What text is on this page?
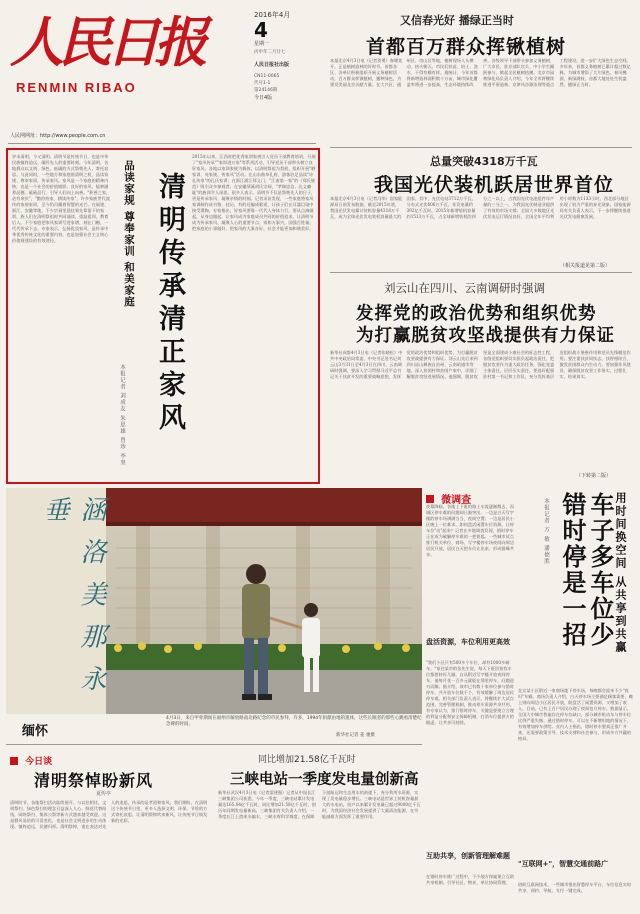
人民日报
RENMIN RIBAO
2016年4月
4
星期一
丙申年二月廿七
人民日报社出版
CN11-0065
代号1-1
第24146期
今日4版
人民网网址：http://www.people.com.cn
又信春光好 播绿正当时
首都百万群众挥锹植树
本报北京4月3日电（记者贺勇）春暖花开，正是植树造林的好时节。首都各区、各单位积极组织开展义务植树活动，百万群众挥锹植树，播种绿色，为建设美丽北京贡献力量。在大兴区、通州区、房山区等地，植树现场人头攒动，热火朝天。市民们扶苗、培土、浇水，干得有模有样。据统计，今年首都将新增造林面积数十万亩，城市绿化覆盖率将进一步提高，生态环境持续改善。各级领导干部带头参加义务植树，广大市民、驻京部队官兵、中小学生踊跃参与，掀起全民植树热潮。北京市园林绿化局负责人介绍，今年全市将继续推进平原造林、京津风沙源治理等重点工程建设，进一步扩大绿色生态空间。多年来，首都义务植树已累计超过数亿株，为城市增添了大片绿色。春风拂面，新绿满枝，首都大地处处生机盎然，播绿正当时。
岁末清明，今又清明。清明节是传统节日，也是中华民族慎终追远、缅怀先人的重要时刻。今年清明，各地群众以文明、绿色、低碳的方式祭奠先人，寄托哀思。与此同时，一些地方和家庭借清明之机，品读家规、尊奉家训，传承家风。家风是一个家庭的精神内核，也是一个社会的价值缩影。良好的家风，能够涵养品德、砥砺品行，引导人们向上向善。"积善之家，必有余庆"，"勤俭持家，耕读传家"，许多家族世代流传的家规家训，至今仍闪耀着智慧的光芒。在福建、浙江、安徽等地，不少宗祠里悬挂着先辈留下的家训，族人们在清明祭祖时共同诵读，重温祖训，教育后人。不少家庭把家风家训写进家谱、刻在门楣，一代代传承下去。专家表示，弘扬优良家风，是传承中华优秀传统文化的重要内容，也是加强社会主义核心价值观建设的有效途径。	清明传承清正家风
品读家规 尊奉家训 和美家庭
本报记者 刘成友 朱思雄 曾珍 李坚
2015年以来，江西省把优秀家训家规引入党员干部教育培训，开展了"家风传承""家训进万家"等系列活动，引导党员干部带头树立良好家风。各地以家训家规为载体，以清明祭祖为契机，组织开展"晒家训、亮家规、传家风"活动。在山东曲阜孔府，游客驻足品读"诗礼传家"的孔氏家训；在浙江浦江郑义门，"江南第一家"的《郑氏规范》吸引众多参观者；在安徽绩溪胡氏宗祠，"孝悌忠信、礼义廉耻"的族训令人深思。很多人表示，清明节不仅是祭奠先人的日子，更是传承家风、凝聚亲情的时刻。记者采访发现，一些家庭将家风家训制作成书签、挂历，有的还编成歌谣，让孩子们在耳濡目染中接受熏陶。专家指出，好家风要靠一代代人身体力行，要从点滴做起，从身边做起。让家风成为家庭成员共同的价值追求，让清明节成为传承家风、凝聚人心的重要节点。家和万事兴，国强百姓福。把家庭的小事做好，把家风的大事办好，社会才能更加和谐美好。
总量突破4318万千瓦
我国光伏装机跃居世界首位
本报北京4月3日电（记者冯华）国家能源局日前发布数据，截至2015年底，我国光伏发电累计装机容量4318万千瓦，成为全球光伏发电装机容量最大的国家。其中，光伏电站3712万千瓦，分布式光伏606万千瓦，年发电量约392亿千瓦时。2015年新增装机容量约1513万千瓦，占全球新增装机的四分之一以上，占我国光伏电池组件年产量的三分之一，为我国光伏制造业提供了有效的市场支撑。全国大多数地区光伏发电运行情况良好，全国全年平均利用小时数为1133小时，西北部分地区出现了较为严重的弃光现象。国家能源局有关负责人表示，下一步将继续推进光伏发电健康发展。
（相关报道见第二版）
刘云山在四川、云南调研时强调
发挥党的政治优势和组织优势
为打赢脱贫攻坚战提供有力保证
新华社成都4月3日电（记者张晓松）中共中央政治局常委、中央书记处书记刘云山3月31日至4月3日在四川、云南调研时强调，要深入学习贯彻习近平总书记关于扶贫开发的重要战略思想，发挥党的政治优势和组织优势，为打赢脱贫攻坚战提供有力保证。刘云山先后来到四川凉山彝族自治州、云南昭通市等地，深入贫困村和贫困户家中，详细了解脱贫攻坚进展情况。他强调，脱贫攻坚是全面建成小康社会的标志性工程，各级党组织要切实担负起政治责任，把脱贫攻坚作为重大政治任务，强化党委主体责任，层层压实责任。要选好配强驻村第一书记和工作队，充分发挥基层党组织战斗堡垒作用和党员先锋模范作用。要注重扶贫同扶志、扶智相结合，激发贫困群众内生动力。要加强作风建设，确保脱贫攻坚工作务实、过程扎实、结果真实。
（下转第二版）
涵 洛 美 那 永 垂
缅怀
4月3日，来自甲骨期间在福州市解放路南北路纪念的市民参拜，许多，1994年捐献由地的遗体，这些长眠者的那些心跳看清楚纪念碑的时间。
新华社记者 姜 驰摄
微调查
夜幕降临，各地上下班的路上车流逐渐散去，而城区停车难的问题却日渐突出。一边是白天写字楼的停车场满满当当，夜间空置；一边是居民小区晚上一位难求。如何盘活闲置车位资源，让停车位"动"起来？记者在多地调查发现，错时停车正在成为破解停车难的一把钥匙。一些城市试点推行机关单位、商场、写字楼停车场夜间向周边居民开放，居民白天把车位让出来，形成错峰共享。
盘活资源，车位利用更高效
"我们小区只有500多个车位，却有1000多辆车。"家住某市的张先生说，每天下班回家找车位都要转好几圈。自从附近写字楼开放夜间停车，他每月花一百多元就能在那里停车，问题迎刃而解。据介绍，该市已有数十家单位参与错时停车，共开放车位数千个，有效缓解了周边居民停车难。相关部门负责人表示，将继续扩大试点范围，完善管理机制，推动停车资源共享共用。有专家认为，推行错时停车，关键是要建立合理的利益分配和安全保障机制，打消车位提供方的顾虑，让共享可持续。
互助共享，创新管理解难题
在错时停车推广过程中，不少地方探索建立互助共享机制，引导社区、物业、单位协同管理。
用时间换空间 从共享到共赢
车子多车位少 错时停是一招
本报记者 方 敏 潘德胜
北京某小区附近一家商场地下停车场，每晚都会迎来不少"夜归"车辆。商场负责人介绍，白天停车场主要满足顾客需要，晚上则向周边小区居民开放，既盘活了闲置资源，又增加了收入。目前，已有上百户居民办理了夜间包月停车。数据显示，全国大中城市普遍存在停车位缺口，部分城市机动车与停车位比例严重失衡。通过错时停车，可以在不新增用地的情况下，有效增加停车供给。业内人士指出，错时停车要真正推广开来，还需要政策引导、技术支撑和社会参与，形成多方共赢的格局。
"互联网+"，智慧交通前路广
借助互联网技术，一些城市推出智慧停车平台，车位信息实时共享，预约、导航、支付一键完成。
今日谈
清明祭悼盼新风
夏传亭
清明时节，各地祭扫活动陆续展开。与以往相比，文明祭扫、绿色祭扫的理念日益深入人心。鲜花代替纸钱，网络祭扫、集体公祭等新方式越来越受欢迎。这是移风易俗的可喜变化，也是社会文明进步的生动体现。慎终追远，民德归厚。清明祭悼，重在表达对先人的追思，传承的是孝道和家风。我们期盼，在清明这个传统节日里，更多人选择文明、环保、节俭的方式寄托哀思，让清明祭悼吹来新风，让传统节日焕发新的光彩。
同比增加21.58亿千瓦时
三峡电站一季度发电量创新高
新华社武汉4月3日电（记者梁建强）记者从中国长江三峡集团公司获悉，今年一季度，三峡电站累计发电量达165.04亿千瓦时，同比增加21.58亿千瓦时，创历年同期发电量新高。三峡集团有关负责人介绍，一季度长江上游来水偏丰，三峡水库科学调度，在保障下游航运和生态用水的前提下，充分利用水资源，实现了发电量稳步增长。三峡电站是世界上装机容量最大的水电站，投产以来累计发电量已超过9000亿千瓦时，为我国经济社会发展提供了大量清洁能源，在节能减排方面发挥了重要作用。
